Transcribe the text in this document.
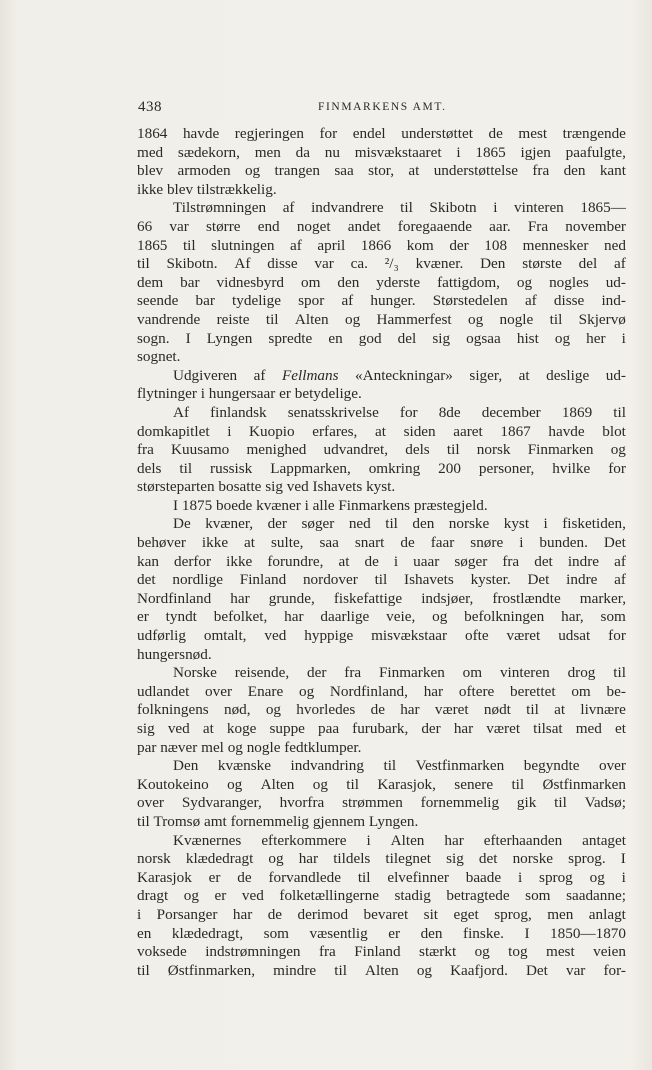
438	FINMARKENS AMT.
1864 havde regjeringen for endel understøttet de mest trængende
med sædekorn, men da nu misvækstaaret i 1865 igjen paafulgte,
blev armoden og trangen saa stor, at understøttelse fra den kant
ikke blev tilstrækkelig.
Tilstrømningen af indvandrere til Skibotn i vinteren 1865—
66 var større end noget andet foregaaende aar. Fra november
1865 til slutningen af april 1866 kom der 108 mennesker ned
til Skibotn. Af disse var ca. ²/₃ kvæner. Den største del af
dem bar vidnesbyrd om den yderste fattigdom, og nogles ud-
seende bar tydelige spor af hunger. Størstedelen af disse ind-
vandrende reiste til Alten og Hammerfest og nogle til Skjervø
sogn. I Lyngen spredte en god del sig ogsaa hist og her i
sognet.
Udgiveren af Fellmans «Anteckningar» siger, at deslige ud-
flytninger i hungersaar er betydelige.
Af finlandsk senatsskrivelse for 8de december 1869 til
domkapitlet i Kuopio erfares, at siden aaret 1867 havde blot
fra Kuusamo menighed udvandret, dels til norsk Finmarken og
dels til russisk Lappmarken, omkring 200 personer, hvilke for
størsteparten bosatte sig ved Ishavets kyst.
I 1875 boede kvæner i alle Finmarkens præstegjeld.
De kvæner, der søger ned til den norske kyst i fisketiden,
behøver ikke at sulte, saa snart de faar snøre i bunden. Det
kan derfor ikke forundre, at de i uaar søger fra det indre af
det nordlige Finland nordover til Ishavets kyster. Det indre af
Nordfinland har grunde, fiskefattige indsjøer, frostlændte marker,
er tyndt befolket, har daarlige veie, og befolkningen har, som
udførlig omtalt, ved hyppige misvækstaar ofte været udsat for
hungersnød.
Norske reisende, der fra Finmarken om vinteren drog til
udlandet over Enare og Nordfinland, har oftere berettet om be-
folkningens nød, og hvorledes de har været nødt til at livnære
sig ved at koge suppe paa furubark, der har været tilsat med et
par næver mel og nogle fedtklumper.
Den kvænske indvandring til Vestfinmarken begyndte over
Koutokeino og Alten og til Karasjok, senere til Østfinmarken
over Sydvaranger, hvorfra strømmen fornemmelig gik til Vadsø;
til Tromsø amt fornemmelig gjennem Lyngen.
Kvænernes efterkommere i Alten har efterhaanden antaget
norsk klædedragt og har tildels tilegnet sig det norske sprog. I
Karasjok er de forvandlede til elvefinner baade i sprog og i
dragt og er ved folketællingerne stadig betragtede som saadanne;
i Porsanger har de derimod bevaret sit eget sprog, men anlagt
en klædedragt, som væsentlig er den finske. I 1850—1870
voksede indstrømningen fra Finland stærkt og tog mest veien
til Østfinmarken, mindre til Alten og Kaafjord. Det var for-
